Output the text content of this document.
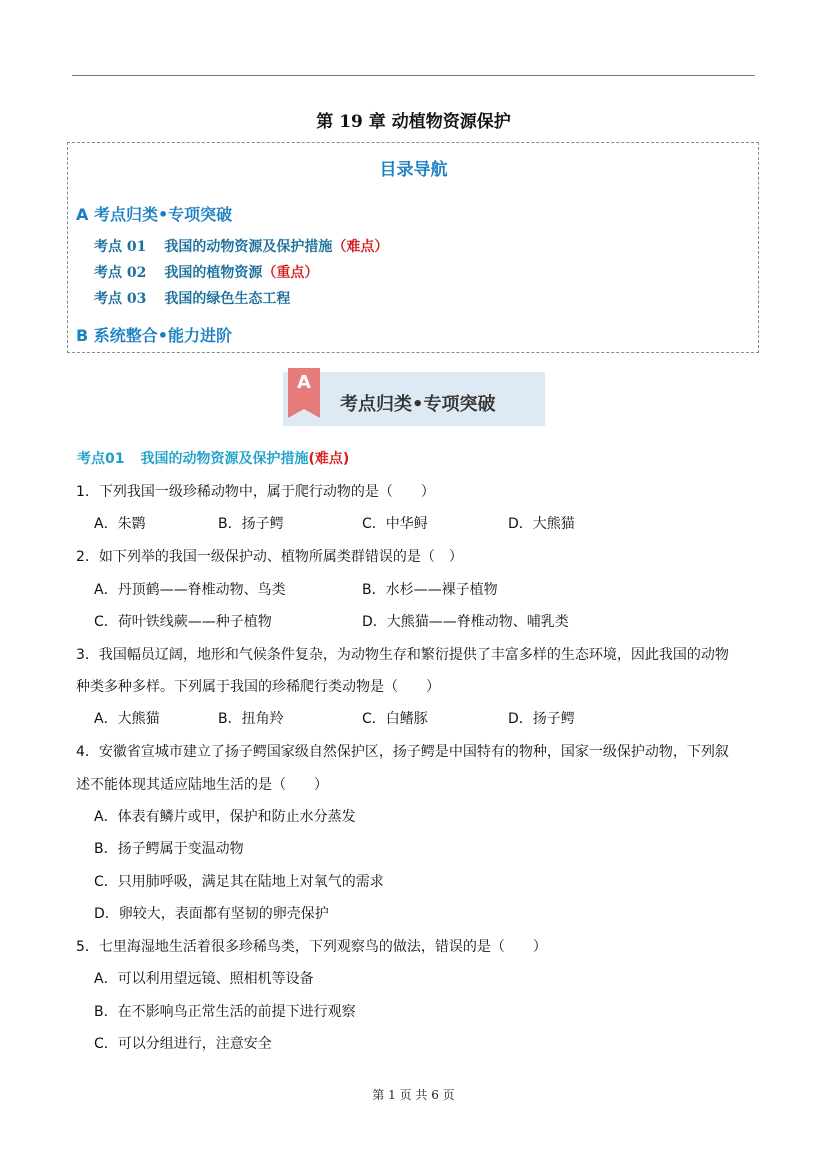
第 19 章 动植物资源保护
目录导航
A 考点归类•专项突破
考点 01 我国的动物资源及保护措施（难点）
考点 02 我国的植物资源（重点）
考点 03 我国的绿色生态工程
B 系统整合•能力进阶
A
考点归类•专项突破
考点01 我国的动物资源及保护措施(难点)
1．下列我国一级珍稀动物中，属于爬行动物的是（　　）
A．朱鹮	B．扬子鳄	C．中华鲟	D．大熊猫
2．如下列举的我国一级保护动、植物所属类群错误的是（　）
A．丹顶鹤——脊椎动物、鸟类	B．水杉——裸子植物
C．荷叶铁线蕨——种子植物	D．大熊猫——脊椎动物、哺乳类
3．我国幅员辽阔，地形和气候条件复杂，为动物生存和繁衍提供了丰富多样的生态环境，因此我国的动物
种类多种多样。下列属于我国的珍稀爬行类动物是（　　）
A．大熊猫	B．扭角羚	C．白鳍豚	D．扬子鳄
4．安徽省宣城市建立了扬子鳄国家级自然保护区，扬子鳄是中国特有的物种，国家一级保护动物，下列叙
述不能体现其适应陆地生活的是（　　）
A．体表有鳞片或甲，保护和防止水分蒸发
B．扬子鳄属于变温动物
C．只用肺呼吸，满足其在陆地上对氧气的需求
D．卵较大，表面都有坚韧的卵壳保护
5．七里海湿地生活着很多珍稀鸟类，下列观察鸟的做法，错误的是（　　）
A．可以利用望远镜、照相机等设备
B．在不影响鸟正常生活的前提下进行观察
C．可以分组进行，注意安全
第 1 页 共 6 页
